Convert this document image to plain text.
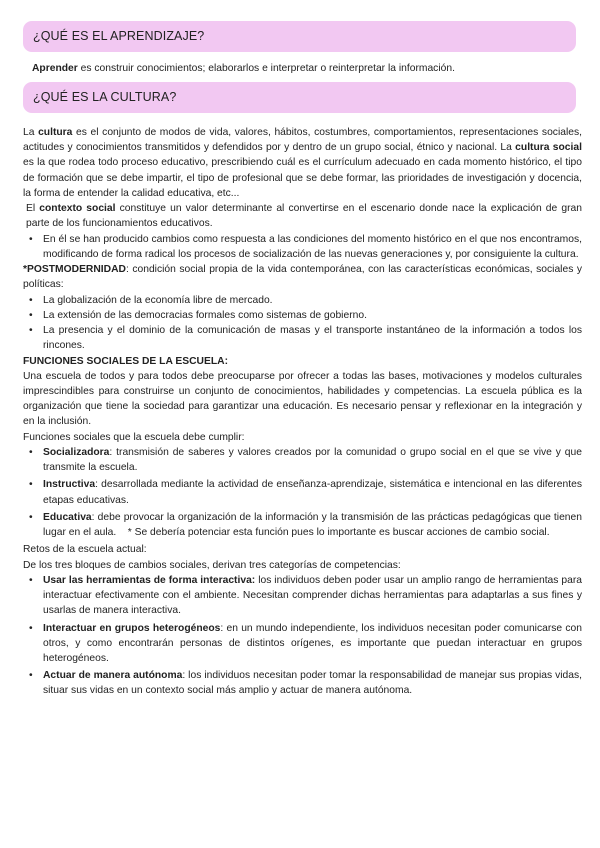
¿QUÉ ES EL APRENDIZAJE?

Aprender es construir conocimientos; elaborarlos e interpretar o reinterpretar la información.

¿QUÉ ES LA CULTURA?

La cultura es el conjunto de modos de vida, valores, hábitos, costumbres, comportamientos, representaciones sociales, actitudes y conocimientos transmitidos y defendidos por y dentro de un grupo social, étnico y nacional. La cultura social es la que rodea todo proceso educativo, prescribiendo cuál es el currículum adecuado en cada momento histórico, el tipo de formación que se debe impartir, el tipo de profesional que se debe formar, las prioridades de investigación y docencia, la forma de entender la calidad educativa, etc...

El contexto social constituye un valor determinante al convertirse en el escenario donde nace la explicación de gran parte de los funcionamientos educativos.

• En él se han producido cambios como respuesta a las condiciones del momento histórico en el que nos encontramos, modificando de forma radical los procesos de socialización de las nuevas generaciones y, por consiguiente la cultura.

*POSTMODERNIDAD: condición social propia de la vida contemporánea, con las características económicas, sociales y políticas:

• La globalización de la economía libre de mercado.
• La extensión de las democracias formales como sistemas de gobierno.
• La presencia y el dominio de la comunicación de masas y el transporte instantáneo de la información a todos los rincones.

FUNCIONES SOCIALES DE LA ESCUELA:

Una escuela de todos y para todos debe preocuparse por ofrecer a todas las bases, motivaciones y modelos culturales imprescindibles para construirse un conjunto de conocimientos, habilidades y competencias. La escuela pública es la organización que tiene la sociedad para garantizar una educación. Es necesario pensar y reflexionar en la integración y en la inclusión.

Funciones sociales que la escuela debe cumplir:

• Socializadora: transmisión de saberes y valores creados por la comunidad o grupo social en el que se vive y que transmite la escuela.
• Instructiva: desarrollada mediante la actividad de enseñanza-aprendizaje, sistemática e intencional en las diferentes etapas educativas.
• Educativa: debe provocar la organización de la información y la transmisión de las prácticas pedagógicas que tienen lugar en el aula.    * Se debería potenciar esta función pues lo importante es buscar acciones de cambio social.

Retos de la escuela actual:

De los tres bloques de cambios sociales, derivan tres categorías de competencias:

• Usar las herramientas de forma interactiva: los individuos deben poder usar un amplio rango de herramientas para interactuar efectivamente con el ambiente. Necesitan comprender dichas herramientas para adaptarlas a sus fines y usarlas de manera interactiva.
• Interactuar en grupos heterogéneos: en un mundo independiente, los individuos necesitan poder comunicarse con otros, y como encontrarán personas de distintos orígenes, es importante que puedan interactuar en grupos heterogéneos.
• Actuar de manera autónoma: los individuos necesitan poder tomar la responsabilidad de manejar sus propias vidas, situar sus vidas en un contexto social más amplio y actuar de manera autónoma.
